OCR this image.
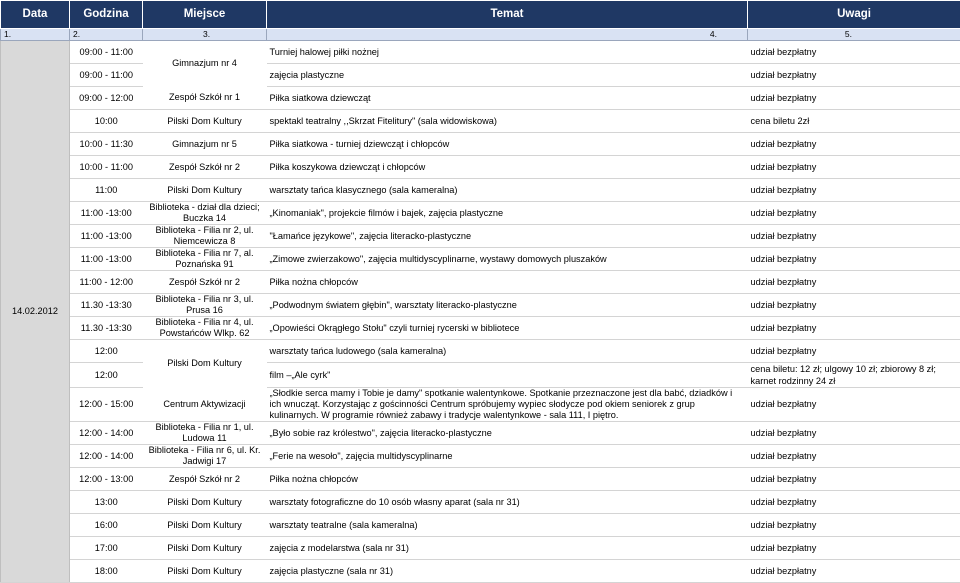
Data	Godzina	Miejsce	Temat	Uwagi
1.	2.	3.	4.	5.
14.02.2012	09:00 - 11:00	Gimnazjum nr 4	Turniej halowej piłki nożnej	udział bezpłatny
	09:00 - 11:00		zajęcia plastyczne	udział bezpłatny
	09:00 - 12:00	Zespół Szkół nr 1	Piłka siatkowa dziewcząt	udział bezpłatny
	10:00	Pilski Dom Kultury	spektakl teatralny ,,Skrzat Fitelitury" (sala widowiskowa)	cena biletu 2zł
	10:00 - 11:30	Gimnazjum nr 5	Piłka siatkowa - turniej dziewcząt i chłopców	udział bezpłatny
	10:00 - 11:00	Zespół Szkół nr 2	Piłka koszykowa dziewcząt i chłopców	udział bezpłatny
	11:00	Pilski Dom Kultury	warsztaty tańca klasycznego (sala kameralna)	udział bezpłatny
	11:00 -13:00	Biblioteka - dział dla dzieci; Buczka 14	„Kinomaniak", projekcie filmów i bajek, zajęcia plastyczne	udział bezpłatny
	11:00 -13:00	Biblioteka - Filia nr 2, ul. Niemcewicza 8	"Łamańce językowe", zajęcia literacko-plastyczne	udział bezpłatny
	11:00 -13:00	Biblioteka - Filia nr 7, al. Poznańska 91	„Zimowe zwierzakowo", zajęcia multidyscyplinarne, wystawy domowych pluszaków	udział bezpłatny
	11:00 - 12:00	Zespół Szkół nr 2	Piłka nożna chłopców	udział bezpłatny
	11.30 -13:30	Biblioteka - Filia nr 3, ul. Prusa 16	„Podwodnym światem głębin", warsztaty literacko-plastyczne	udział bezpłatny
	11.30 -13:30	Biblioteka - Filia nr 4, ul. Powstańców Wlkp. 62	„Opowieści Okrągłego Stołu" czyli turniej rycerski w bibliotece	udział bezpłatny
	12:00	Pilski Dom Kultury	warsztaty tańca ludowego (sala kameralna)	udział bezpłatny
	12:00		film –„Ale cyrk"	cena biletu: 12 zł; ulgowy 10 zł; zbiorowy 8 zł; karnet rodzinny 24 zł
	12:00 - 15:00	Centrum Aktywizacji	„Słodkie serca mamy i Tobie je damy" spotkanie walentynkowe. Spotkanie przeznaczone jest dla babć, dziadków i ich wnucząt. Korzystając z gościnności Centrum spróbujemy wypiec słodycze pod okiem seniorek z grup kulinarnych. W programie również zabawy i tradycje walentynkowe - sala 111, I piętro.	udział bezpłatny
	12:00 - 14:00	Biblioteka - Filia nr 1, ul. Ludowa 11	„Było sobie raz królestwo", zajęcia literacko-plastyczne	udział bezpłatny
	12:00 - 14:00	Biblioteka - Filia nr 6, ul. Kr. Jadwigi 17	„Ferie na wesoło", zajęcia multidyscyplinarne	udział bezpłatny
	12:00 - 13:00	Zespół Szkół nr 2	Piłka nożna chłopców	udział bezpłatny
	13:00	Pilski Dom Kultury	warsztaty fotograficzne do 10 osób własny aparat (sala nr 31)	udział bezpłatny
	16:00	Pilski Dom Kultury	warsztaty teatralne (sala kameralna)	udział bezpłatny
	17:00	Pilski Dom Kultury	zajęcia z modelarstwa (sala nr 31)	udział bezpłatny
	18:00	Pilski Dom Kultury	zajęcia plastyczne (sala nr 31)	udział bezpłatny
